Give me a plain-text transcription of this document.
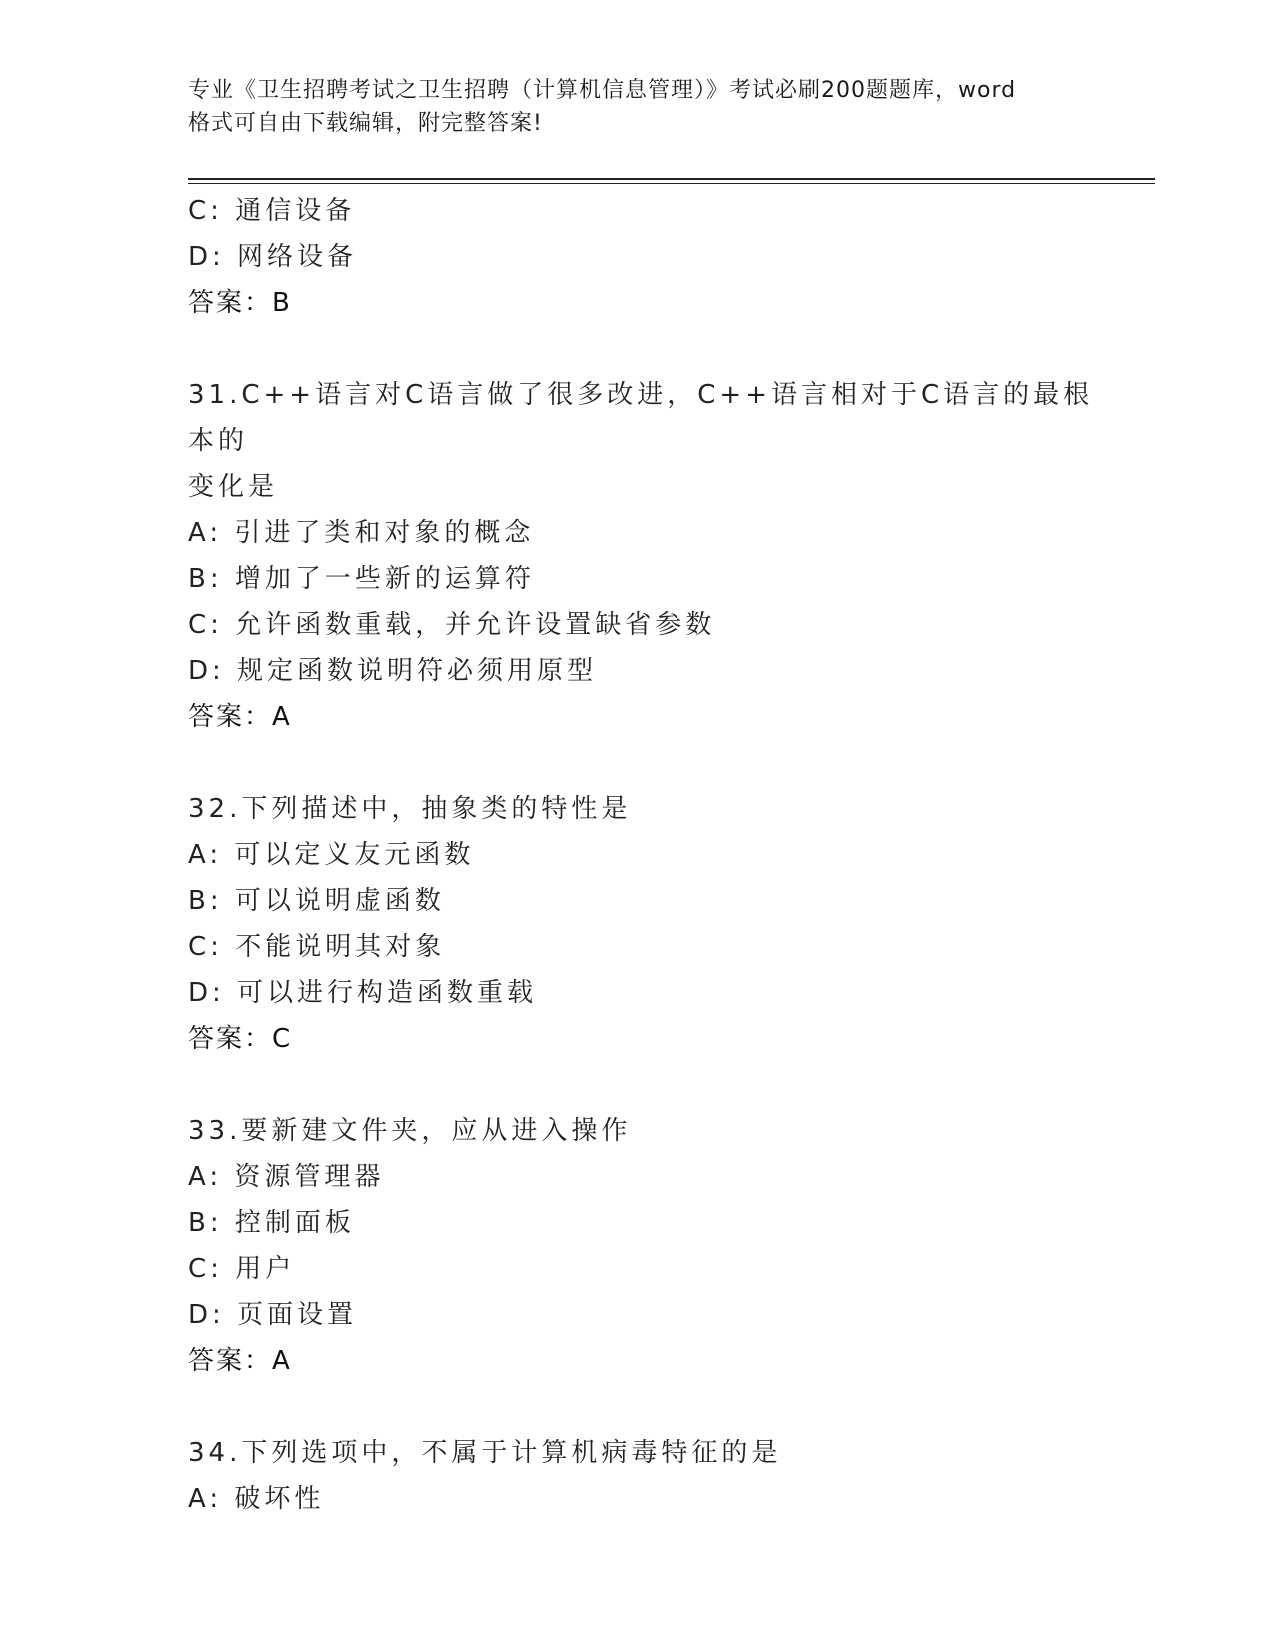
专业《卫生招聘考试之卫生招聘（计算机信息管理）》考试必刷200题题库，word
格式可自由下载编辑，附完整答案!
C: 通信设备
D: 网络设备
答案：B
31.C++语言对C语言做了很多改进，C++语言相对于C语言的最根本的
变化是
A: 引进了类和对象的概念
B: 增加了一些新的运算符
C: 允许函数重载，并允许设置缺省参数
D: 规定函数说明符必须用原型
答案：A
32.下列描述中，抽象类的特性是
A: 可以定义友元函数
B: 可以说明虚函数
C: 不能说明其对象
D: 可以进行构造函数重载
答案：C
33.要新建文件夹，应从进入操作
A: 资源管理器
B: 控制面板
C: 用户
D: 页面设置
答案：A
34.下列选项中，不属于计算机病毒特征的是
A: 破坏性
